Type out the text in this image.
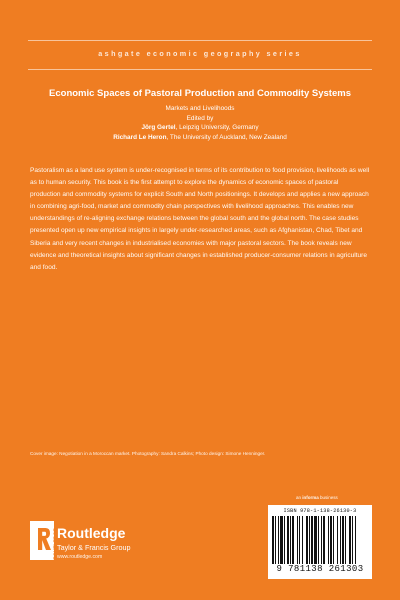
ashgate economic geography series
Economic Spaces of Pastoral Production and Commodity Systems
Markets and Livelihoods
Edited by
Jörg Gertel, Leipzig University, Germany
Richard Le Heron, The University of Auckland, New Zealand
Pastoralism as a land use system is under-recognised in terms of its contribution to food provision, livelihoods as well as to human security. This book is the first attempt to explore the dynamics of economic spaces of pastoral production and commodity systems for explicit South and North positionings. It develops and applies a new approach in combining agri-food, market and commodity chain perspectives with livelihood approaches. This enables new understandings of re-aligning exchange relations between the global south and the global north. The case studies presented open up new empirical insights in largely under-researched areas, such as Afghanistan, Chad, Tibet and Siberia and very recent changes in industrialised economies with major pastoral sectors. The book reveals new evidence and theoretical insights about significant changes in established producer-consumer relations in agriculture and food.
Cover image: Negotiation in a Moroccan market. Photography: Sandra Calkins; Photo design: Simone Henninger.
an informa business
ISBN 978-1-138-26130-3
9 781138 261303
ROUTLEDGE
Routledge
Taylor & Francis Group
www.routledge.com
